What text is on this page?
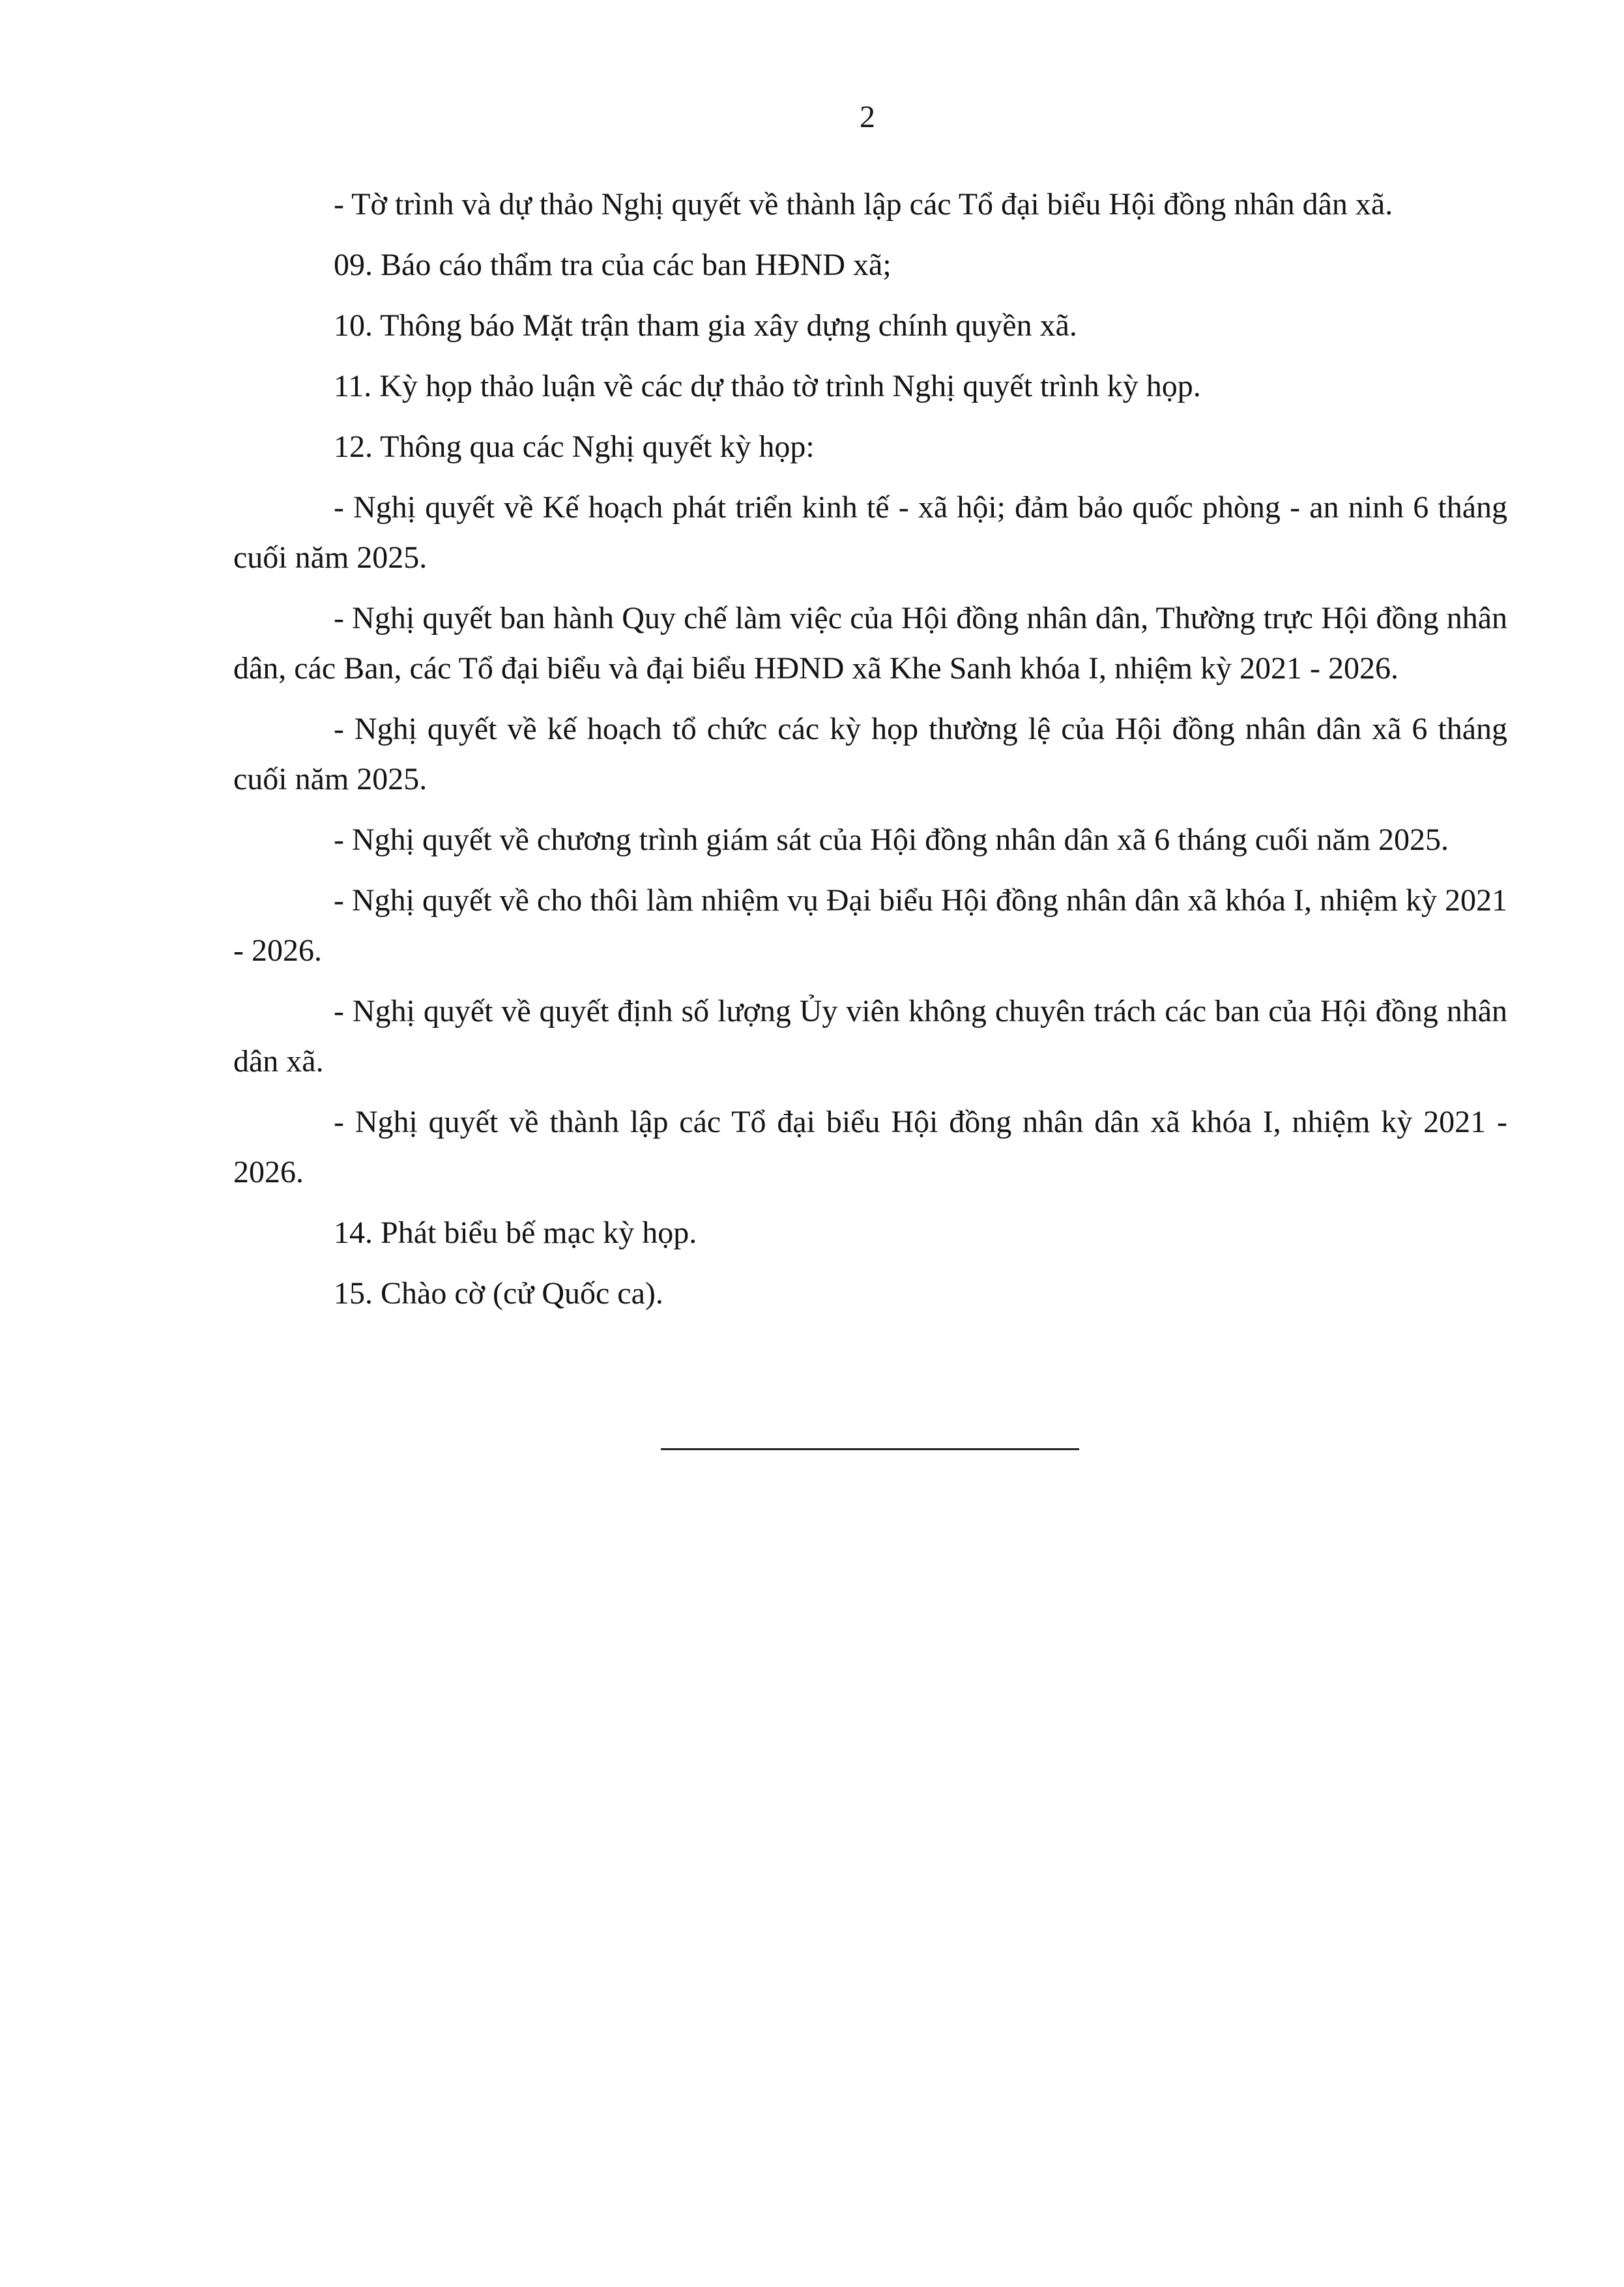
2

- Tờ trình và dự thảo Nghị quyết về thành lập các Tổ đại biểu Hội đồng nhân dân xã.

09. Báo cáo thẩm tra của các ban HĐND xã;

10. Thông báo Mặt trận tham gia xây dựng chính quyền xã.

11. Kỳ họp thảo luận về các dự thảo tờ trình Nghị quyết trình kỳ họp.

12. Thông qua các Nghị quyết kỳ họp:

- Nghị quyết về Kế hoạch phát triển kinh tế - xã hội; đảm bảo quốc phòng - an ninh 6 tháng cuối năm 2025.

- Nghị quyết ban hành Quy chế làm việc của Hội đồng nhân dân, Thường trực Hội đồng nhân dân, các Ban, các Tổ đại biểu và đại biểu HĐND xã Khe Sanh khóa I, nhiệm kỳ 2021 - 2026.

- Nghị quyết về kế hoạch tổ chức các kỳ họp thường lệ của Hội đồng nhân dân xã 6 tháng cuối năm 2025.

- Nghị quyết về chương trình giám sát của Hội đồng nhân dân xã 6 tháng cuối năm 2025.

- Nghị quyết về cho thôi làm nhiệm vụ Đại biểu Hội đồng nhân dân xã khóa I, nhiệm kỳ 2021 - 2026.

- Nghị quyết về quyết định số lượng Ủy viên không chuyên trách các ban của Hội đồng nhân dân xã.

- Nghị quyết về thành lập các Tổ đại biểu Hội đồng nhân dân xã khóa I, nhiệm kỳ 2021 - 2026.

14. Phát biểu bế mạc kỳ họp.

15. Chào cờ (cử Quốc ca).
